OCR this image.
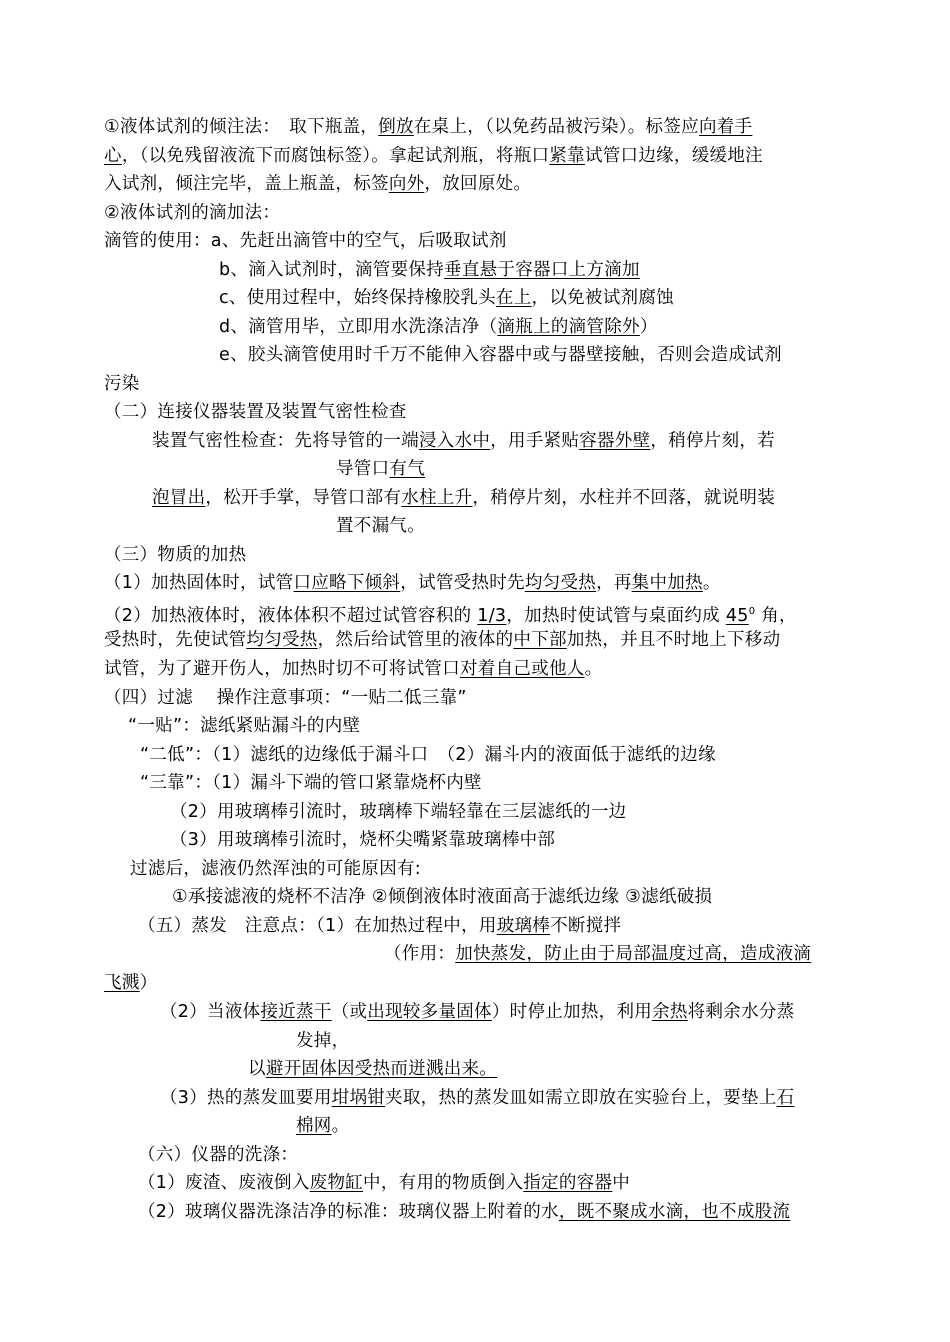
①液体试剂的倾注法：　取下瓶盖，倒放在桌上，（以免药品被污染）。标签应向着手
心，（以免残留液流下而腐蚀标签）。拿起试剂瓶，将瓶口紧靠试管口边缘，缓缓地注
入试剂，倾注完毕，盖上瓶盖，标签向外，放回原处。
②液体试剂的滴加法：
滴管的使用：a、先赶出滴管中的空气，后吸取试剂
b、滴入试剂时，滴管要保持垂直悬于容器口上方滴加
c、使用过程中，始终保持橡胶乳头在上，以免被试剂腐蚀
d、滴管用毕，立即用水洗涤洁净（滴瓶上的滴管除外）
e、胶头滴管使用时千万不能伸入容器中或与器壁接触，否则会造成试剂
污染
（二）连接仪器装置及装置气密性检查
装置气密性检查：先将导管的一端浸入水中，用手紧贴容器外壁，稍停片刻，若
导管口有气
泡冒出，松开手掌，导管口部有水柱上升，稍停片刻，水柱并不回落，就说明装
置不漏气。
（三）物质的加热
（1）加热固体时，试管口应略下倾斜，试管受热时先均匀受热，再集中加热。
（2）加热液体时，液体体积不超过试管容积的 1/3，加热时使试管与桌面约成 $45^0$ 角，
受热时，先使试管均匀受热，然后给试管里的液体的中下部加热，并且不时地上下移动
试管，为了避开伤人，加热时切不可将试管口对着自己或他人。
（四）过滤　 操作注意事项：“一贴二低三靠”
“一贴”：滤纸紧贴漏斗的内壁
“二低”：（1）滤纸的边缘低于漏斗口　（2）漏斗内的液面低于滤纸的边缘
“三靠”：（1）漏斗下端的管口紧靠烧杯内壁
（2）用玻璃棒引流时，玻璃棒下端轻靠在三层滤纸的一边
（3）用玻璃棒引流时，烧杯尖嘴紧靠玻璃棒中部
过滤后，滤液仍然浑浊的可能原因有:
①承接滤液的烧杯不洁净 ②倾倒液体时液面高于滤纸边缘 ③滤纸破损
（五）蒸发　注意点：（1）在加热过程中，用玻璃棒不断搅拌
（作用：加快蒸发，防止由于局部温度过高，造成液滴
飞溅）
（2）当液体接近蒸干（或出现较多量固体）时停止加热，利用余热将剩余水分蒸
发掉，
以避开固体因受热而迸溅出来。
（3）热的蒸发皿要用坩埚钳夹取，热的蒸发皿如需立即放在实验台上，要垫上石
棉网。
（六）仪器的洗涤：
（1）废渣、废液倒入废物缸中，有用的物质倒入指定的容器中
（2）玻璃仪器洗涤洁净的标准：玻璃仪器上附着的水，既不聚成水滴，也不成股流
